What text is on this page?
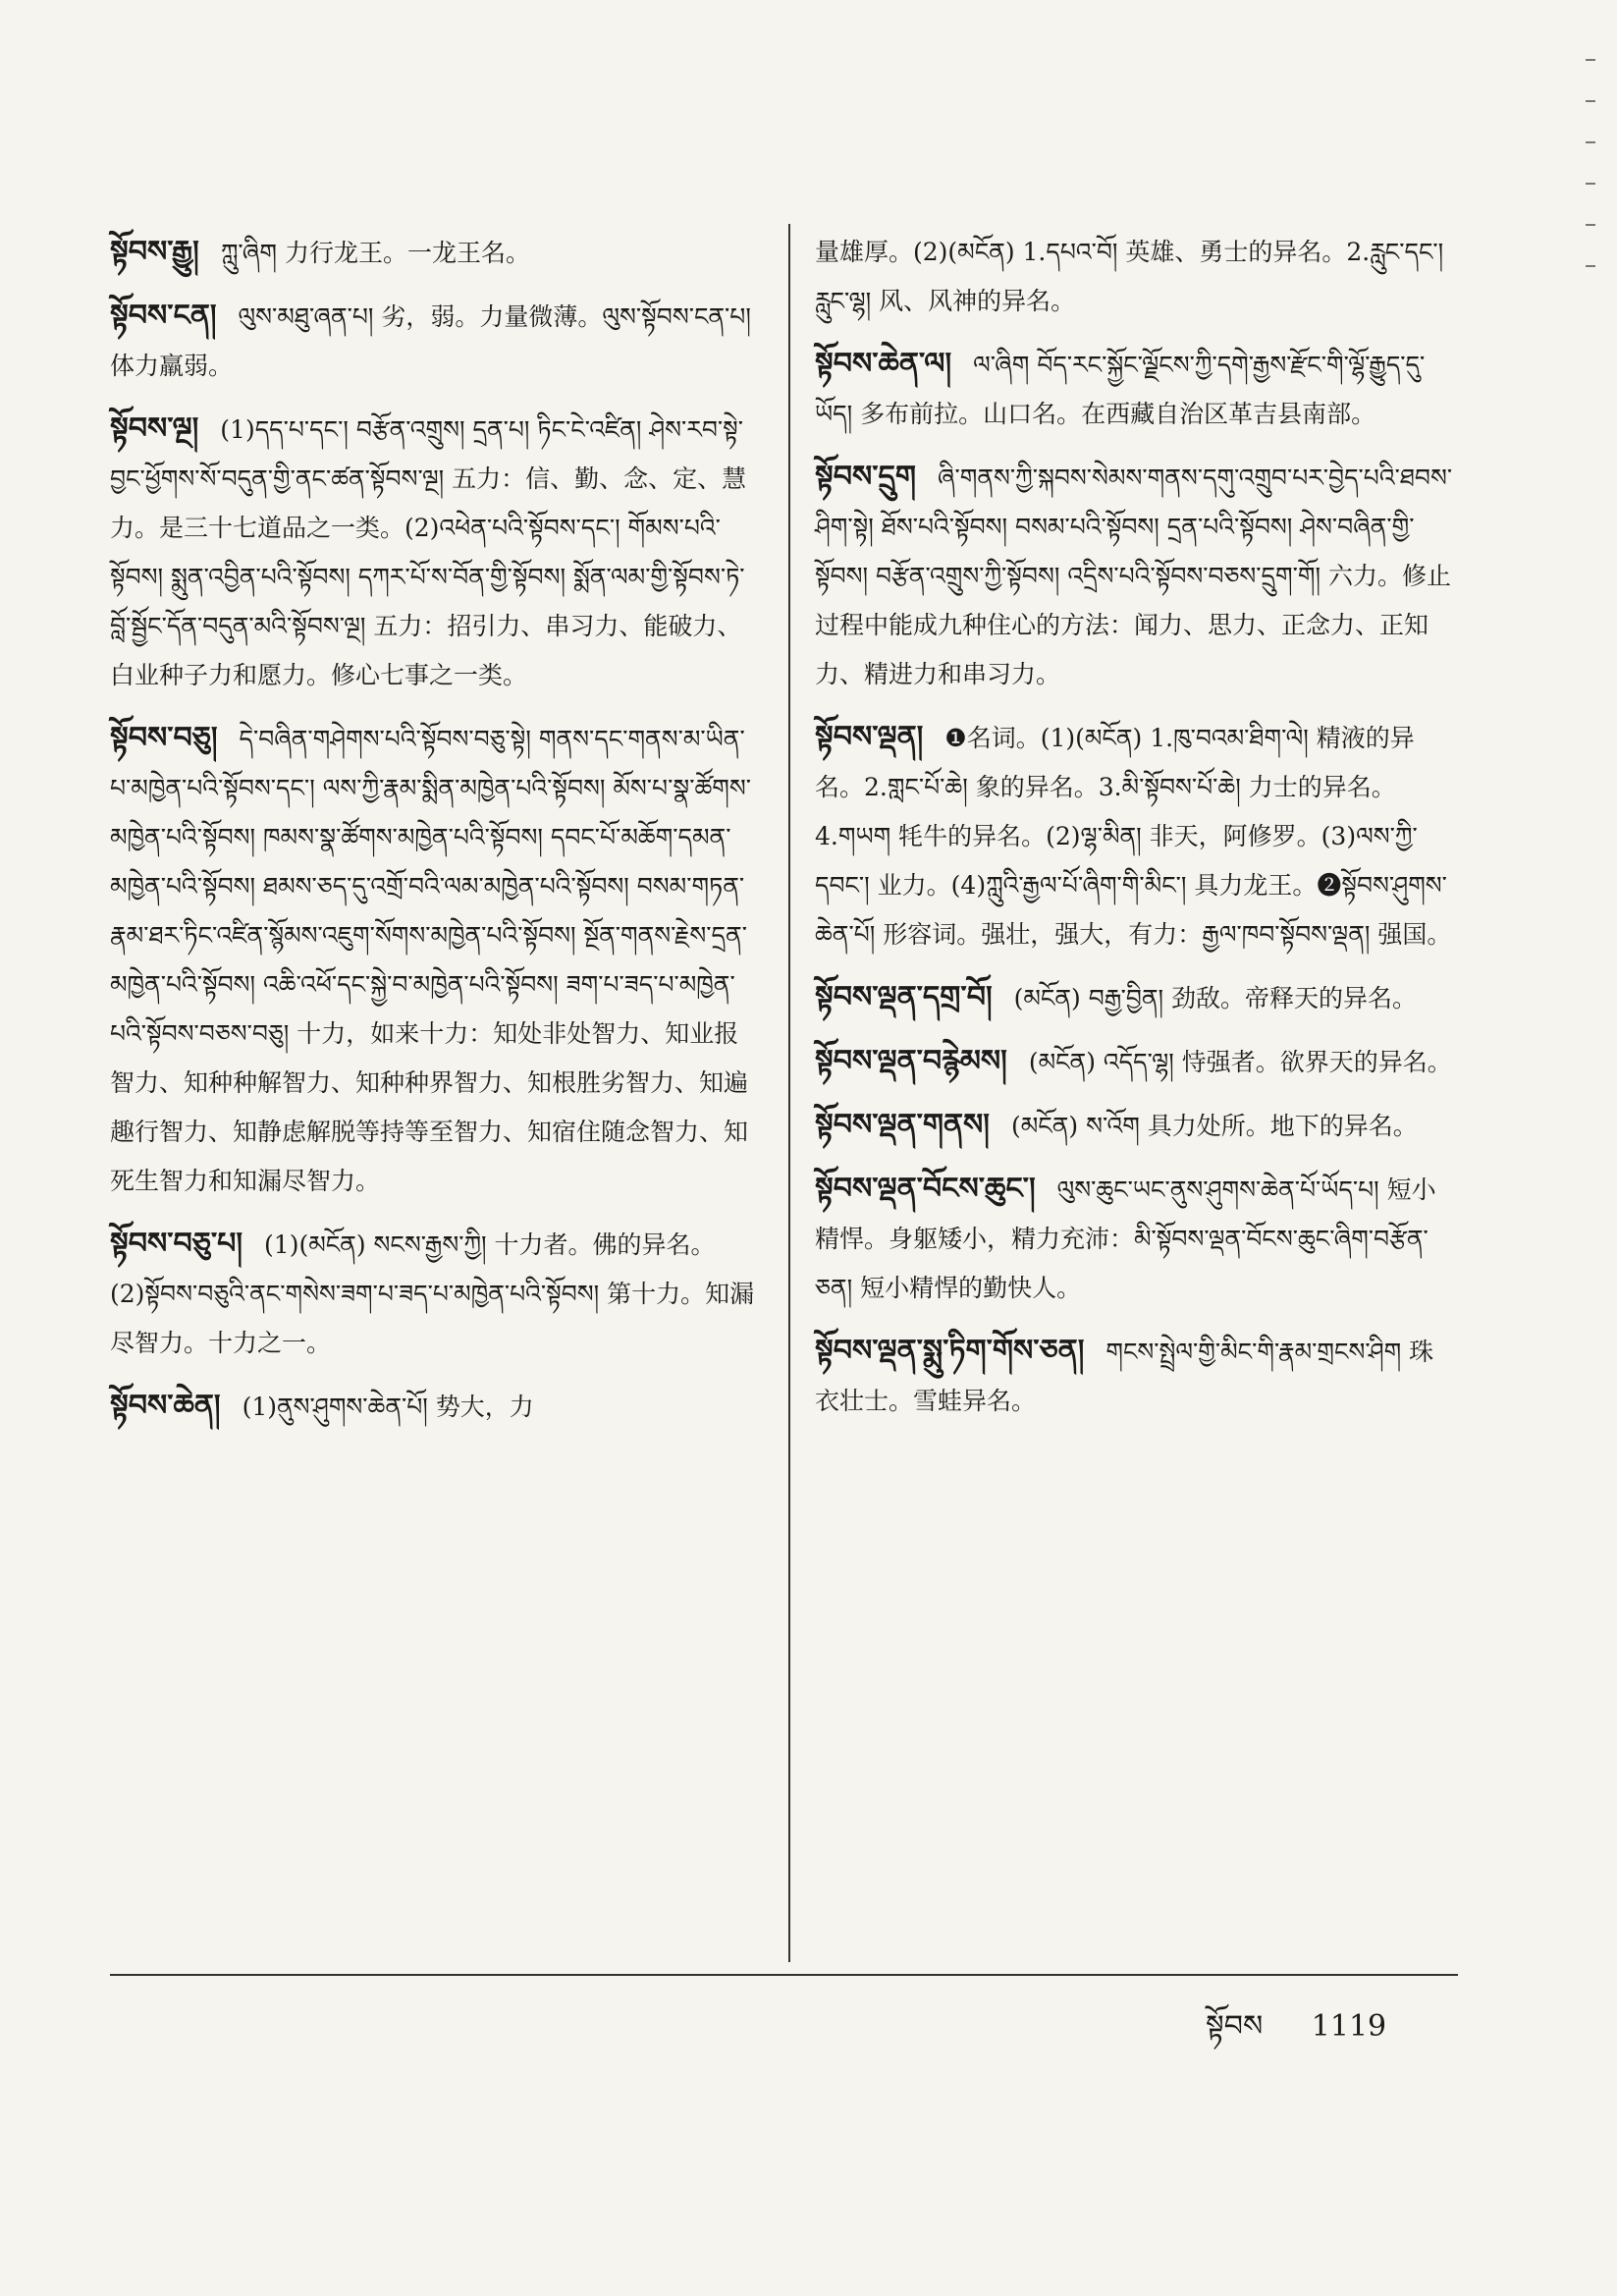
སྟོབས་རྒྱུ། ཀླུ་ཞིག 力行龙王。一龙王名。

སྟོབས་ངན། ལུས་མཐུ་ཞན་པ། 劣，弱。力量微薄。ལུས་སྟོབས་ངན་པ། 体力羸弱。

སྟོབས་ལྔ། (1)དད་པ་དང་། བརྩོན་འགྲུས། དྲན་པ། ཏིང་ངེ་འཛིན། ཤེས་རབ་སྟེ་བྱང་ཕྱོགས་སོ་བདུན་གྱི་ནང་ཚན་སྟོབས་ལྔ། 五力：信、勤、念、定、慧力。是三十七道品之一类。(2)འཕེན་པའི་སྟོབས་དང་། གོམས་པའི་སྟོབས། སྨུན་འབྱིན་པའི་སྟོབས། དཀར་པོ་ས་བོན་གྱི་སྟོབས། སྨོན་ལམ་གྱི་སྟོབས་ཏེ་བློ་སྦྱོང་དོན་བདུན་མའི་སྟོབས་ལྔ། 五力：招引力、串习力、能破力、白业种子力和愿力。修心七事之一类。

སྟོབས་བཅུ། དེ་བཞིན་གཤེགས་པའི་སྟོབས་བཅུ་སྟེ། གནས་དང་གནས་མ་ཡིན་པ་མཁྱེན་པའི་སྟོབས་དང་། ལས་ཀྱི་རྣམ་སྨིན་མཁྱེན་པའི་སྟོབས། མོས་པ་སྣ་ཚོགས་མཁྱེན་པའི་སྟོབས། ཁམས་སྣ་ཚོགས་མཁྱེན་པའི་སྟོབས། དབང་པོ་མཆོག་དམན་མཁྱེན་པའི་སྟོབས། ཐམས་ཅད་དུ་འགྲོ་བའི་ལམ་མཁྱེན་པའི་སྟོབས། བསམ་གཏན་རྣམ་ཐར་ཏིང་འཛིན་སྙོམས་འཇུག་སོགས་མཁྱེན་པའི་སྟོབས། སྔོན་གནས་རྗེས་དྲན་མཁྱེན་པའི་སྟོབས། འཆི་འཕོ་དང་སྐྱེ་བ་མཁྱེན་པའི་སྟོབས། ཟག་པ་ཟད་པ་མཁྱེན་པའི་སྟོབས་བཅས་བཅུ། 十力，如来十力：知处非处智力、知业报智力、知种种解智力、知种种界智力、知根胜劣智力、知遍趣行智力、知静虑解脱等持等至智力、知宿住随念智力、知死生智力和知漏尽智力。

སྟོབས་བཅུ་པ། (1)(མངོན) སངས་རྒྱས་ཀྱི། 十力者。佛的异名。(2)སྟོབས་བཅུའི་ནང་གསེས་ཟག་པ་ཟད་པ་མཁྱེན་པའི་སྟོབས། 第十力。知漏尽智力。十力之一。

སྟོབས་ཆེན། (1)ནུས་ཤུགས་ཆེན་པོ། 势大，力

量雄厚。(2)(མངོན) 1.དཔའ་བོ། 英雄、勇士的异名。2.རླུང་དང་། རླུང་ལྷ། 风、风神的异名。

སྟོབས་ཆེན་ལ། ལ་ཞིག བོད་རང་སྐྱོང་ལྗོངས་ཀྱི་དགེ་རྒྱས་རྫོང་གི་ལྷོ་རྒྱུད་དུ་ཡོད། 多布前拉。山口名。在西藏自治区革吉县南部。

སྟོབས་དྲུག ཞི་གནས་ཀྱི་སྐབས་སེམས་གནས་དགུ་འགྲུབ་པར་བྱེད་པའི་ཐབས་ཤིག་སྟེ། ཐོས་པའི་སྟོབས། བསམ་པའི་སྟོབས། དྲན་པའི་སྟོབས། ཤེས་བཞིན་གྱི་སྟོབས། བརྩོན་འགྲུས་ཀྱི་སྟོབས། འདྲིས་པའི་སྟོབས་བཅས་དྲུག་གོ། 六力。修止过程中能成九种住心的方法：闻力、思力、正念力、正知力、精进力和串习力。

སྟོབས་ལྡན། ❶名词。(1)(མངོན) 1.ཁུ་བའམ་ཐིག་ལེ། 精液的异名。2.གླང་པོ་ཆེ། 象的异名。3.མི་སྟོབས་པོ་ཆེ། 力士的异名。4.གཡག 牦牛的异名。(2)ལྷ་མིན། 非天，阿修罗。(3)ལས་ཀྱི་དབང་། 业力。(4)ཀླུའི་རྒྱལ་པོ་ཞིག་གི་མིང་། 具力龙王。❷སྟོབས་ཤུགས་ཆེན་པོ། 形容词。强壮，强大，有力：རྒྱལ་ཁབ་སྟོབས་ལྡན། 强国。

སྟོབས་ལྡན་དགྲ་བོ། (མངོན) བརྒྱ་བྱིན། 劲敌。帝释天的异名。

སྟོབས་ལྡན་བརྙེམས། (མངོན) འདོད་ལྷ། 恃强者。欲界天的异名。

སྟོབས་ལྡན་གནས། (མངོན) ས་འོག 具力处所。地下的异名。

སྟོབས་ལྡན་བོངས་ཆུང་། ལུས་ཆུང་ཡང་ནུས་ཤུགས་ཆེན་པོ་ཡོད་པ། 短小精悍。身躯矮小，精力充沛：མི་སྟོབས་ལྡན་བོངས་ཆུང་ཞིག་བརྩོན་ཅན། 短小精悍的勤快人。

སྟོབས་ལྡན་སྨུ་ཏིག་གོས་ཅན། གངས་སྤྲེལ་གྱི་མིང་གི་རྣམ་གྲངས་ཤིག 珠衣壮士。雪蛙异名。

སྟོབས 1119
